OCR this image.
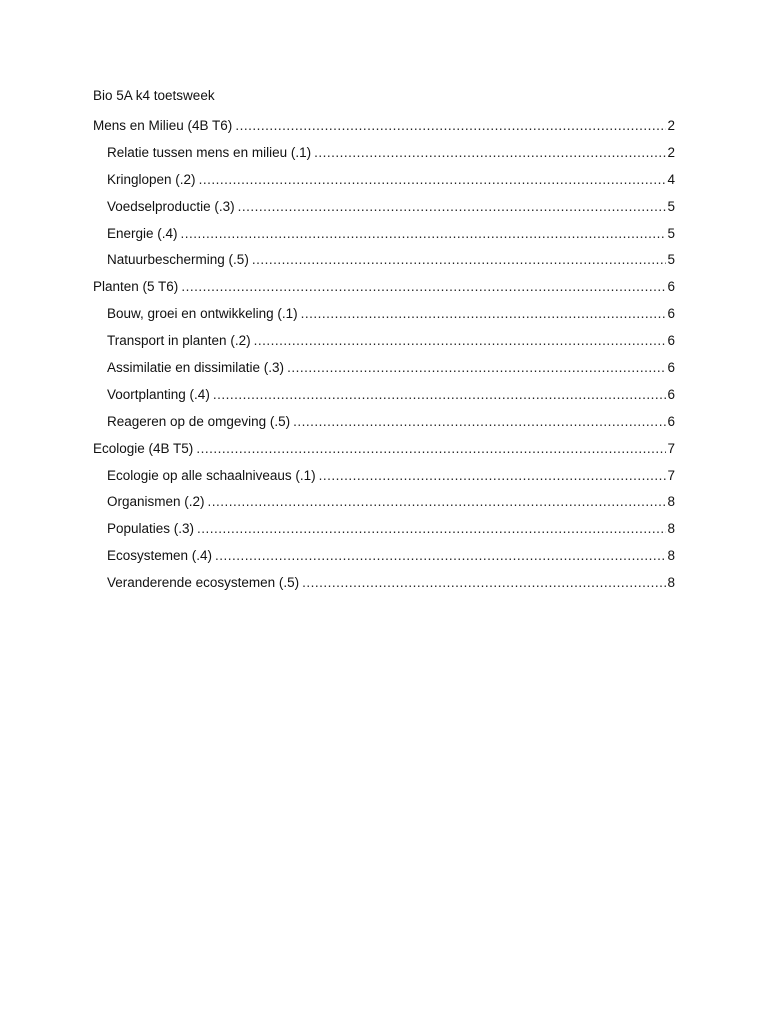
Bio 5A k4 toetsweek
Mens en Milieu (4B T6) .....	2
Relatie tussen mens en milieu (.1) .....	2
Kringlopen (.2) .....	4
Voedselproductie (.3) .....	5
Energie (.4) .....	5
Natuurbescherming (.5) .....	5
Planten (5 T6) .....	6
Bouw, groei en ontwikkeling (.1) .....	6
Transport in planten (.2) .....	6
Assimilatie en dissimilatie (.3) .....	6
Voortplanting (.4) .....	6
Reageren op de omgeving (.5) .....	6
Ecologie (4B T5) .....	7
Ecologie op alle schaalniveaus (.1) .....	7
Organismen (.2) .....	8
Populaties (.3) .....	8
Ecosystemen (.4) .....	8
Veranderende ecosystemen (.5) .....	8
